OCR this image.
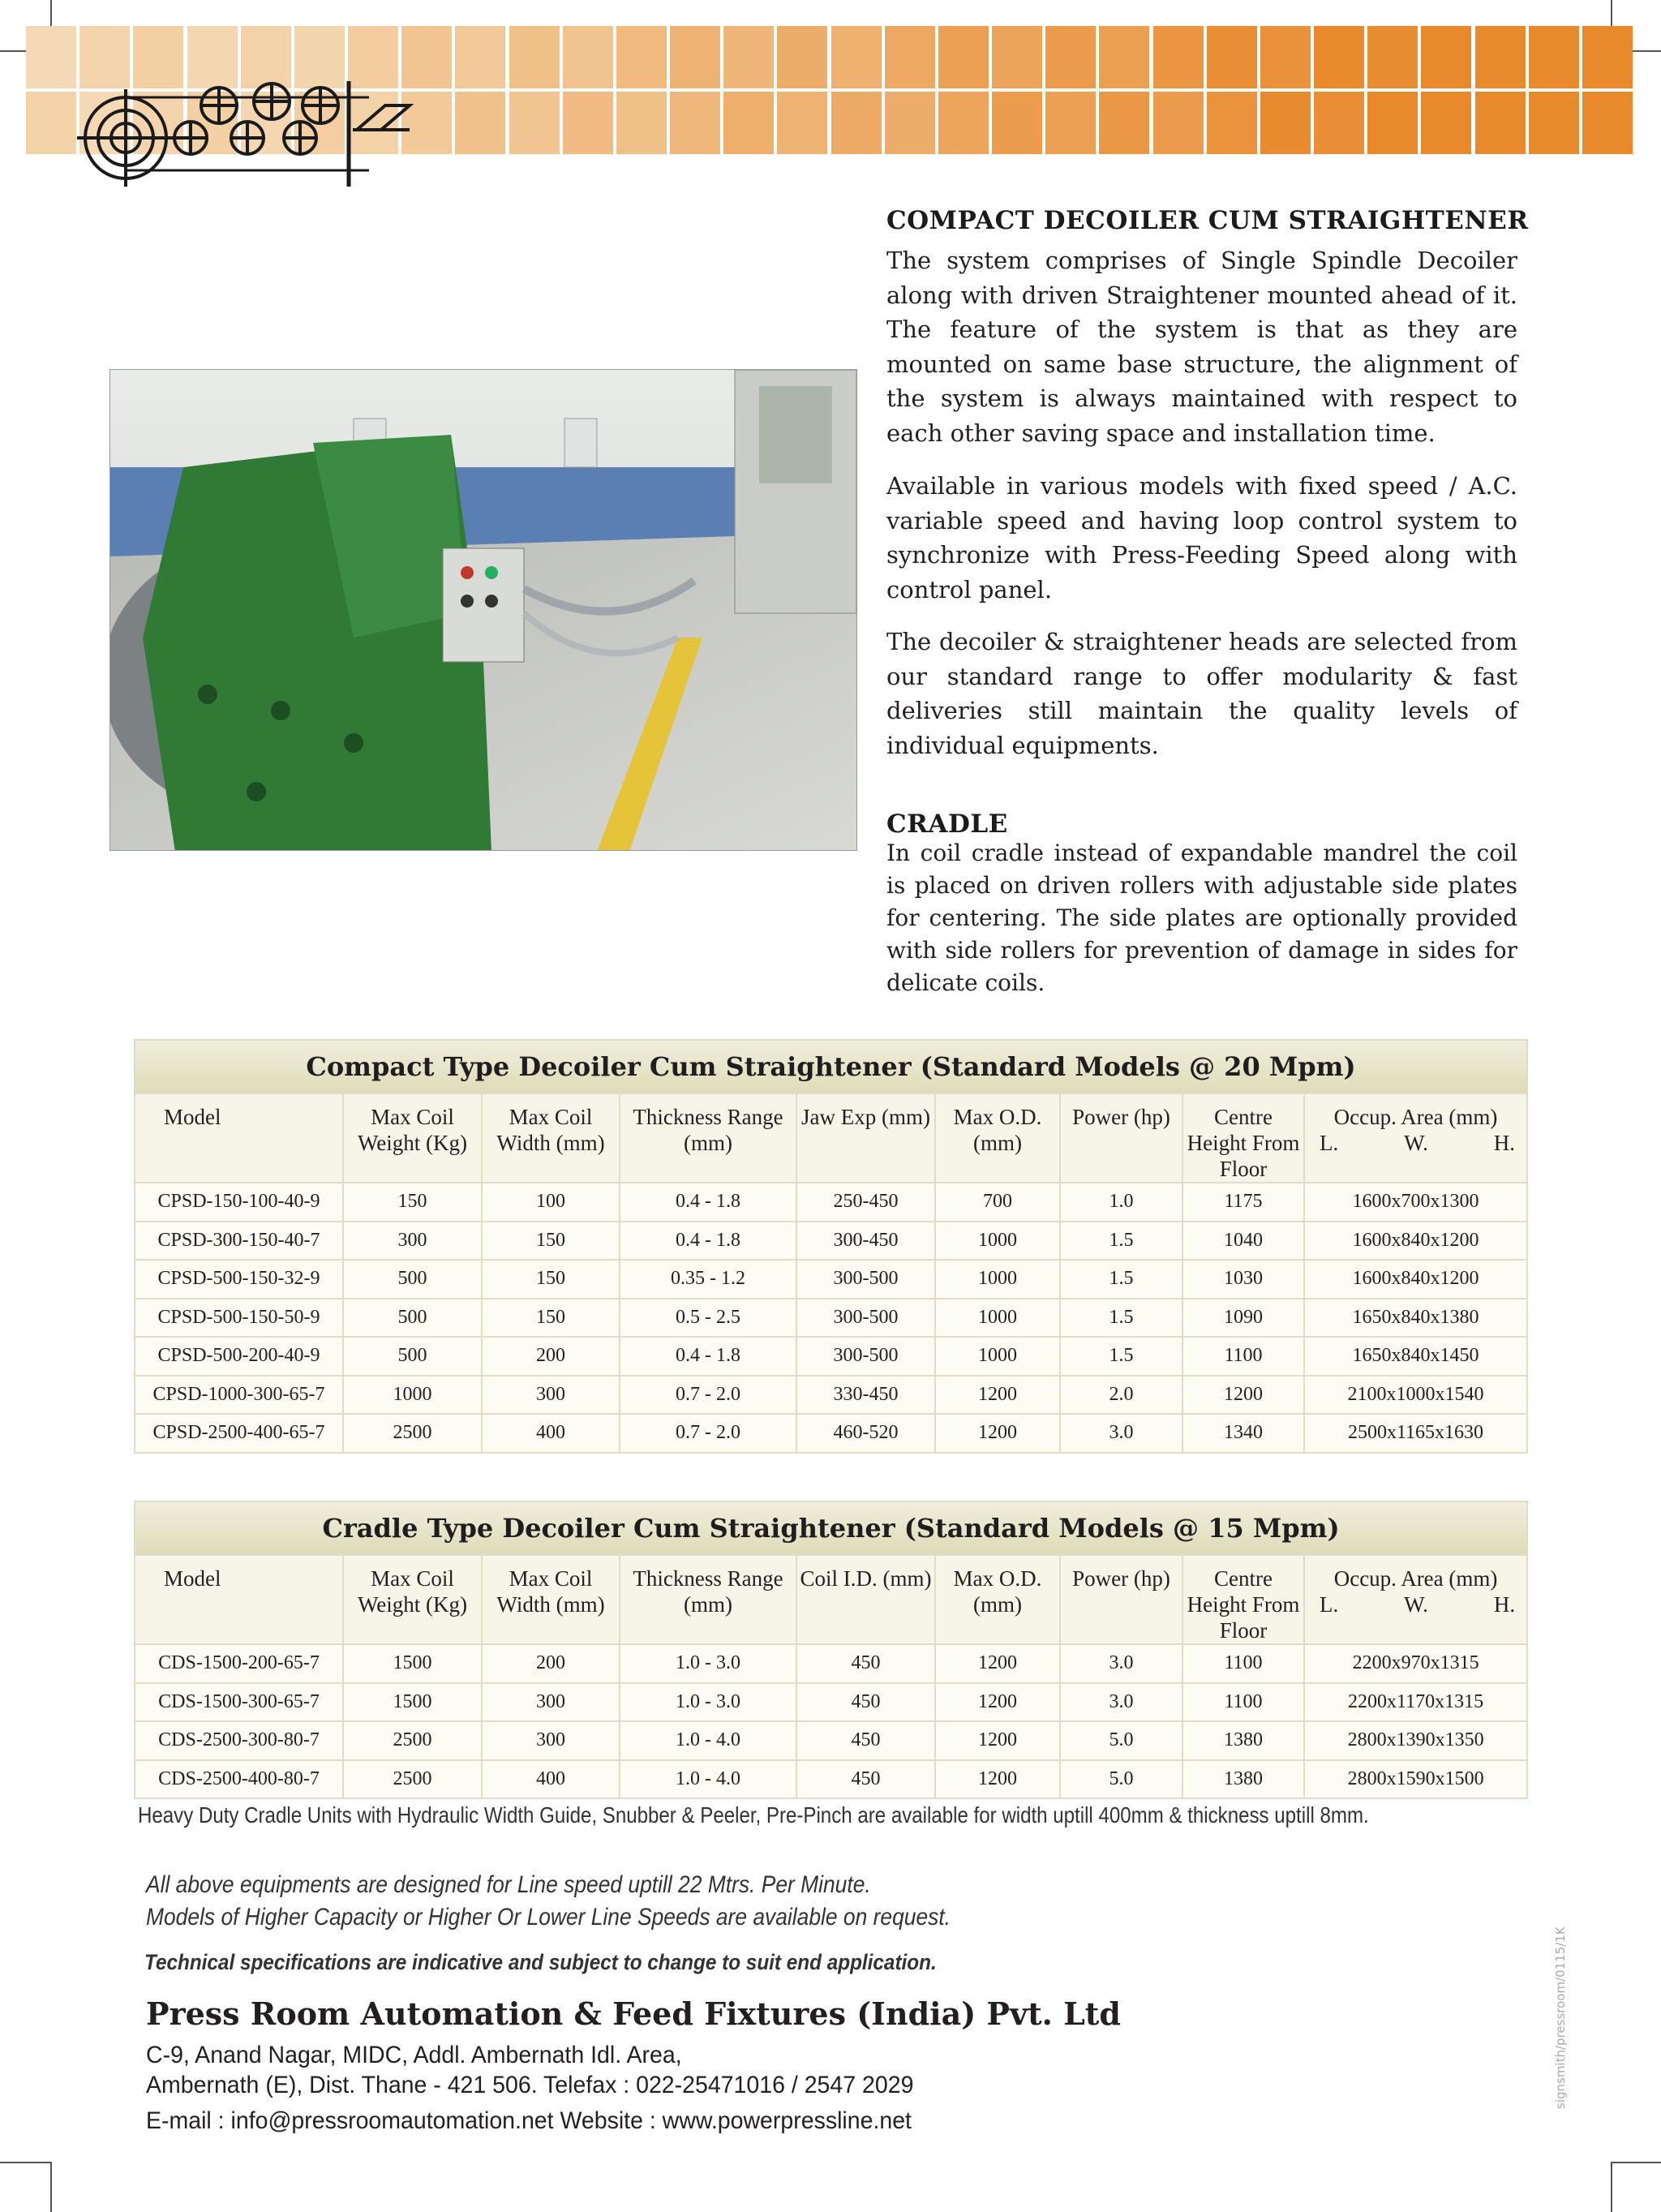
COMPACT DECOILER CUM STRAIGHTENER
The system comprises of Single Spindle Decoiler along with driven Straightener mounted ahead of it. The feature of the system is that as they are mounted on same base structure, the alignment of the system is always maintained with respect to each other saving space and installation time.
Available in various models with fixed speed / A.C. variable speed and having loop control system to synchronize with Press-Feeding Speed along with control panel.
The decoiler & straightener heads are selected from our standard range to offer modularity & fast deliveries still maintain the quality levels of individual equipments.
CRADLE
In coil cradle instead of expandable mandrel the coil is placed on driven rollers with adjustable side plates for centering. The side plates are optionally provided with side rollers for prevention of damage in sides for delicate coils.
Compact Type Decoiler Cum Straightener (Standard Models @ 20 Mpm)								
Model	Max Coil Weight (Kg)	Max Coil Width (mm)	Thickness Range (mm)	Jaw Exp (mm)	Max O.D.(mm)	Power (hp)	Centre Height From Floor	Occup. Area (mm)
L. W. H.

CPSD-150-100-40-9	150	100	0.4 - 1.8	250-450	700	1.0	1175	1600x700x1300
CPSD-300-150-40-7	300	150	0.4 - 1.8	300-450	1000	1.5	1040	1600x840x1200
CPSD-500-150-32-9	500	150	0.35 - 1.2	300-500	1000	1.5	1030	1600x840x1200
CPSD-500-150-50-9	500	150	0.5 - 2.5	300-500	1000	1.5	1090	1650x840x1380
CPSD-500-200-40-9	500	200	0.4 - 1.8	300-500	1000	1.5	1100	1650x840x1450
CPSD-1000-300-65-7	1000	300	0.7 - 2.0	330-450	1200	2.0	1200	2100x1000x1540
CPSD-2500-400-65-7	2500	400	0.7 - 2.0	460-520	1200	3.0	1340	2500x1165x1630
Cradle Type Decoiler Cum Straightener (Standard Models @ 15 Mpm)								
Model	Max Coil Weight (Kg)	Max Coil Width (mm)	Thickness Range (mm)	Coil I.D. (mm)	Max O.D.(mm)	Power (hp)	Centre Height From Floor	Occup. Area (mm)
L. W. H.

CDS-1500-200-65-7	1500	200	1.0 - 3.0	450	1200	3.0	1100	2200x970x1315
CDS-1500-300-65-7	1500	300	1.0 - 3.0	450	1200	3.0	1100	2200x1170x1315
CDS-2500-300-80-7	2500	300	1.0 - 4.0	450	1200	5.0	1380	2800x1390x1350
CDS-2500-400-80-7	2500	400	1.0 - 4.0	450	1200	5.0	1380	2800x1590x1500
Heavy Duty Cradle Units with Hydraulic Width Guide, Snubber & Peeler, Pre-Pinch are available for width uptill 400mm & thickness uptill 8mm.
All above equipments are designed for Line speed uptill 22 Mtrs. Per Minute.
Models of Higher Capacity or Higher Or Lower Line Speeds are available on request.
Technical specifications are indicative and subject to change to suit end application.
Press Room Automation & Feed Fixtures (India) Pvt. Ltd
C-9, Anand Nagar, MIDC, Addl. Ambernath Idl. Area,
Ambernath (E), Dist. Thane - 421 506. Telefax : 022-25471016 / 2547 2029
E-mail : info@pressroomautomation.net Website : www.powerpressline.net
signsmith/pressroom/0115/1K
